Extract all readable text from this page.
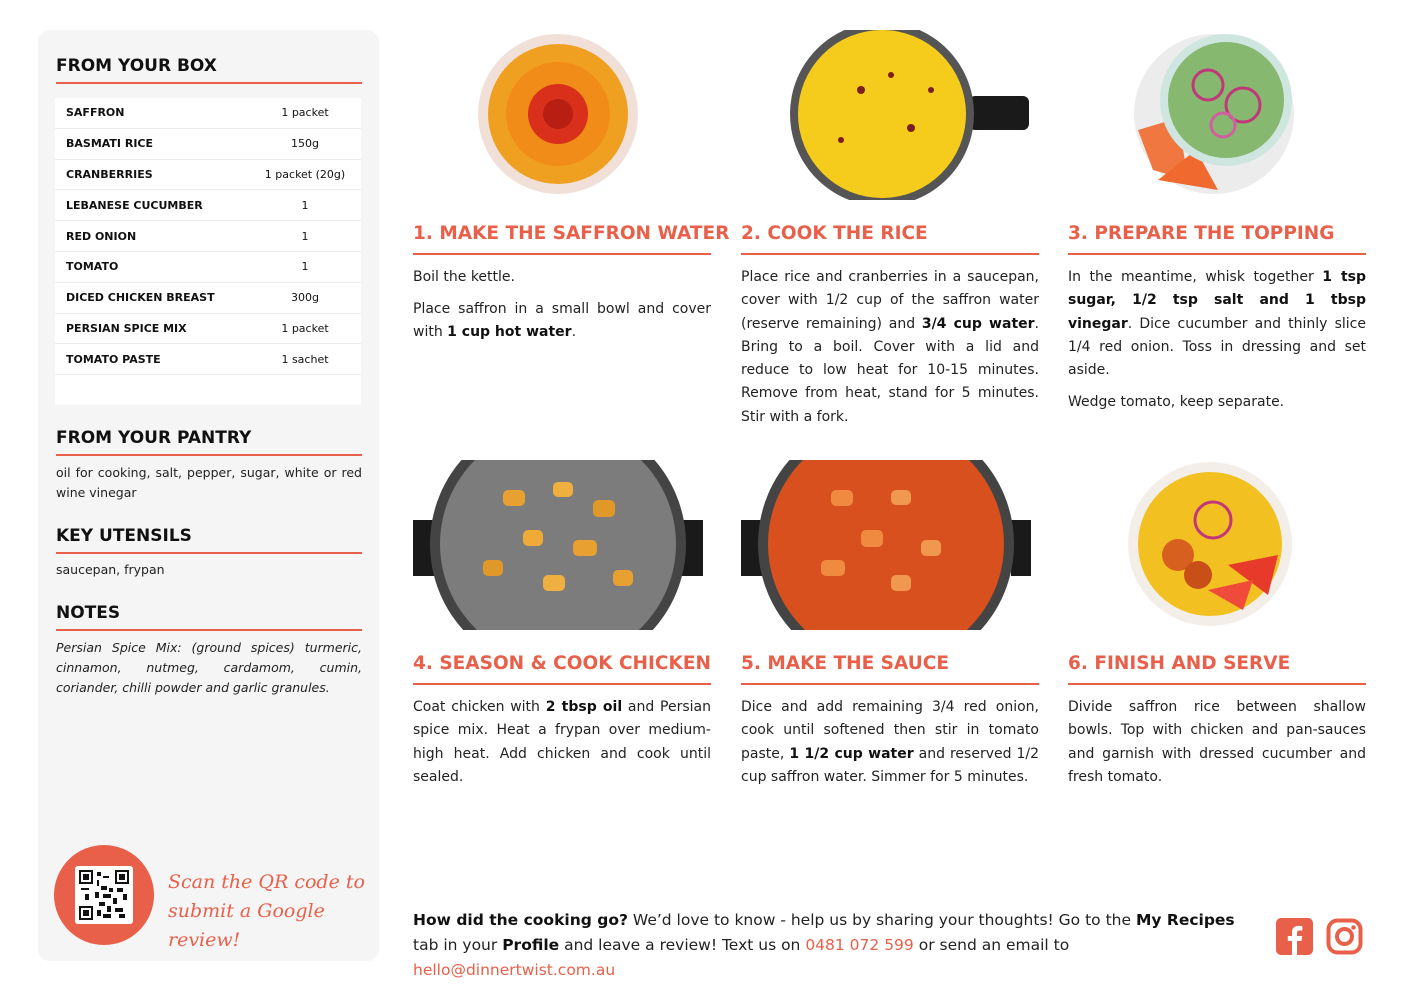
FROM YOUR BOX
SAFFRON	1 packet
BASMATI RICE	150g
CRANBERRIES	1 packet (20g)
LEBANESE CUCUMBER	1
RED ONION	1
TOMATO	1
DICED CHICKEN BREAST	300g
PERSIAN SPICE MIX	1 packet
TOMATO PASTE	1 sachet
FROM YOUR PANTRY
oil for cooking, salt, pepper, sugar, white or red wine vinegar
KEY UTENSILS
saucepan, frypan
NOTES
Persian Spice Mix: (ground spices) turmeric, cinnamon, nutmeg, cardamom, cumin, coriander, chilli powder and garlic granules.
Scan the QR code to
submit a Google review!
1. MAKE THE SAFFRON WATER

Boil the kettle.

Place saffron in a small bowl and cover with 1 cup hot water.

2. COOK THE RICE

Place rice and cranberries in a saucepan, cover with 1/2 cup of the saffron water (reserve remaining) and 3/4 cup water. Bring to a boil. Cover with a lid and reduce to low heat for 10-15 minutes. Remove from heat, stand for 5 minutes. Stir with a fork.

3. PREPARE THE TOPPING

In the meantime, whisk together 1 tsp sugar, 1/2 tsp salt and 1 tbsp vinegar. Dice cucumber and thinly slice 1/4 red onion. Toss in dressing and set aside.

Wedge tomato, keep separate.

4. SEASON & COOK CHICKEN

Coat chicken with 2 tbsp oil and Persian spice mix. Heat a frypan over medium-high heat. Add chicken and cook until sealed.

5. MAKE THE SAUCE

Dice and add remaining 3/4 red onion, cook until softened then stir in tomato paste, 1 1/2 cup water and reserved 1/2 cup saffron water. Simmer for 5 minutes.

6. FINISH AND SERVE

Divide saffron rice between shallow bowls. Top with chicken and pan-sauces and garnish with dressed cucumber and fresh tomato.

How did the cooking go? We’d love to know - help us by sharing your thoughts! Go to the My Recipes tab in your Profile and leave a review! Text us on 0481 072 599 or send an email to hello@dinnertwist.com.au
